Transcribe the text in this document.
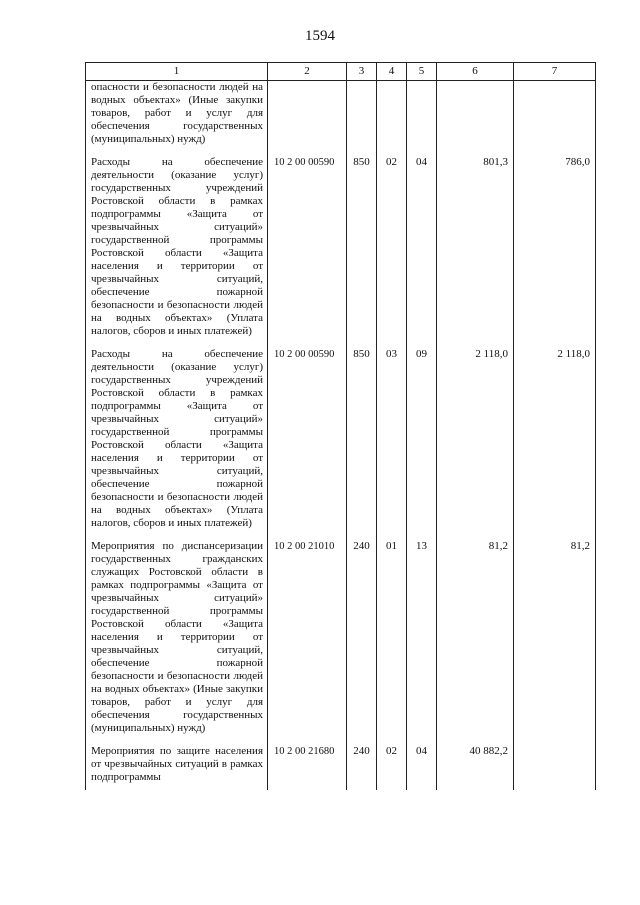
1594
1	2	3	4	5	6	7
опасности и безопасности людей на водных объектах» (Иные закупки товаров, работ и услуг для обеспечения государственных (муниципальных) нужд)						
Расходы на обеспечение деятельности (оказание услуг) государственных учреждений Ростовской области в рамках подпрограммы «Защита от чрезвычайных ситуаций» государственной программы Ростовской области «Защита населения и территории от чрезвычайных ситуаций, обеспечение пожарной безопасности и безопасности людей на водных объектах» (Уплата налогов, сборов и иных платежей)	10 2 00 00590	850	02	04	801,3	786,0
Расходы на обеспечение деятельности (оказание услуг) государственных учреждений Ростовской области в рамках подпрограммы «Защита от чрезвычайных ситуаций» государственной программы Ростовской области «Защита населения и территории от чрезвычайных ситуаций, обеспечение пожарной безопасности и безопасности людей на водных объектах» (Уплата налогов, сборов и иных платежей)	10 2 00 00590	850	03	09	2 118,0	2 118,0
Мероприятия по диспансеризации государственных гражданских служащих Ростовской области в рамках подпрограммы «Защита от чрезвычайных ситуаций» государственной программы Ростовской области «Защита населения и территории от чрезвычайных ситуаций, обеспечение пожарной безопасности и безопасности людей на водных объектах» (Иные закупки товаров, работ и услуг для обеспечения государственных (муниципальных) нужд)	10 2 00 21010	240	01	13	81,2	81,2
Мероприятия по защите населения от чрезвычайных ситуаций в рамках подпрограммы	10 2 00 21680	240	02	04	40 882,2	
